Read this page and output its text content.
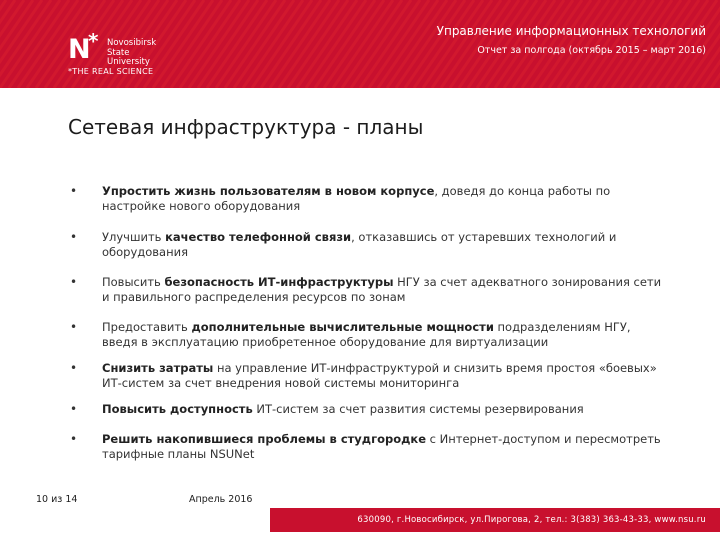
Управление информационных технологий
Отчет за полгода (октябрь 2015 – март 2016)
N
* Novosibirsk
State
University
*THE REAL SCIENCE
Сетевая инфраструктура - планы
• Упростить жизнь пользователям в новом корпусе, доведя до конца работы по настройке нового оборудования
• Улучшить качество телефонной связи, отказавшись от устаревших технологий и оборудования
• Повысить безопасность ИТ-инфраструктуры НГУ за счет адекватного зонирования сети и правильного распределения ресурсов по зонам
• Предоставить дополнительные вычислительные мощности подразделениям НГУ, введя в эксплуатацию приобретенное оборудование для виртуализации
• Снизить затраты на управление ИТ-инфраструктурой и снизить время простоя «боевых» ИТ-систем за счет внедрения новой системы мониторинга
• Повысить доступность ИТ-систем за счет развития системы резервирования
• Решить накопившиеся проблемы в студгородке с Интернет-доступом и пересмотреть тарифные планы NSUNet
10 из 14	Апрель 2016
630090, г.Новосибирск, ул.Пирогова, 2, тел.: 3(383) 363-43-33, www.nsu.ru
